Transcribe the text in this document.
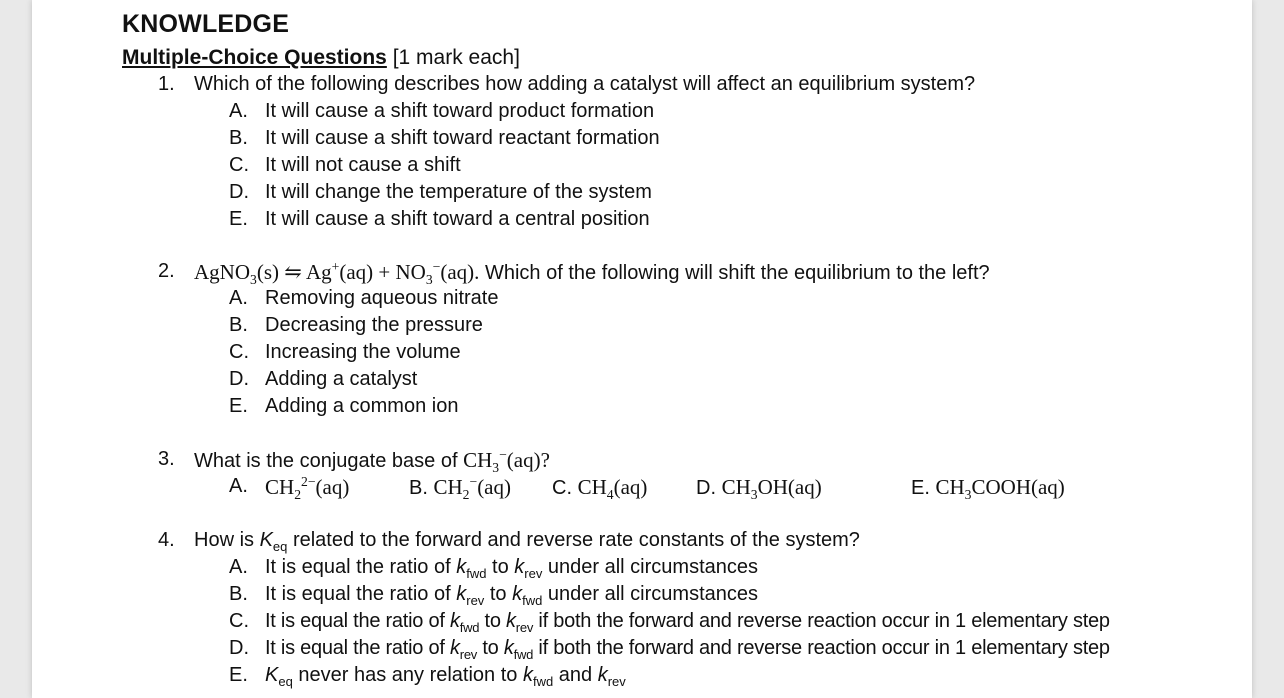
KNOWLEDGE
Multiple-Choice Questions [1 mark each]
1. Which of the following describes how adding a catalyst will affect an equilibrium system?
A. It will cause a shift toward product formation
B. It will cause a shift toward reactant formation
C. It will not cause a shift
D. It will change the temperature of the system
E. It will cause a shift toward a central position
2. AgNO$_3$(s) ⇋ $Ag^+(aq) + NO_3^-(aq)$. Which of the following will shift the equilibrium to the left?
A. Removing aqueous nitrate
B. Decreasing the pressure
C. Increasing the volume
D. Adding a catalyst
E. Adding a common ion
3. What is the conjugate base of $CH_3^-(aq)$?
A. $CH_2^{2-}(aq)$	B. $CH_2^-(aq)$ C. $CH_4(aq)$ D. $CH_3OH(aq)$	E. $CH_3COOH(aq)$
4. How is $K_{eq}$ related to the forward and reverse rate constants of the system?
A. It is equal the ratio of $k_{fwd}$ to $k_{rev}$ under all circumstances
B. It is equal the ratio of $k_{rev}$ to $k_{fwd}$ under all circumstances
C. It is equal the ratio of $k_{fwd}$ to $k_{rev}$ if both the forward and reverse reaction occur in 1 elementary step
D. It is equal the ratio of $k_{rev}$ to $k_{fwd}$ if both the forward and reverse reaction occur in 1 elementary step
E. $K_{eq}$ never has any relation to $k_{fwd}$ and $k_{rev}$
